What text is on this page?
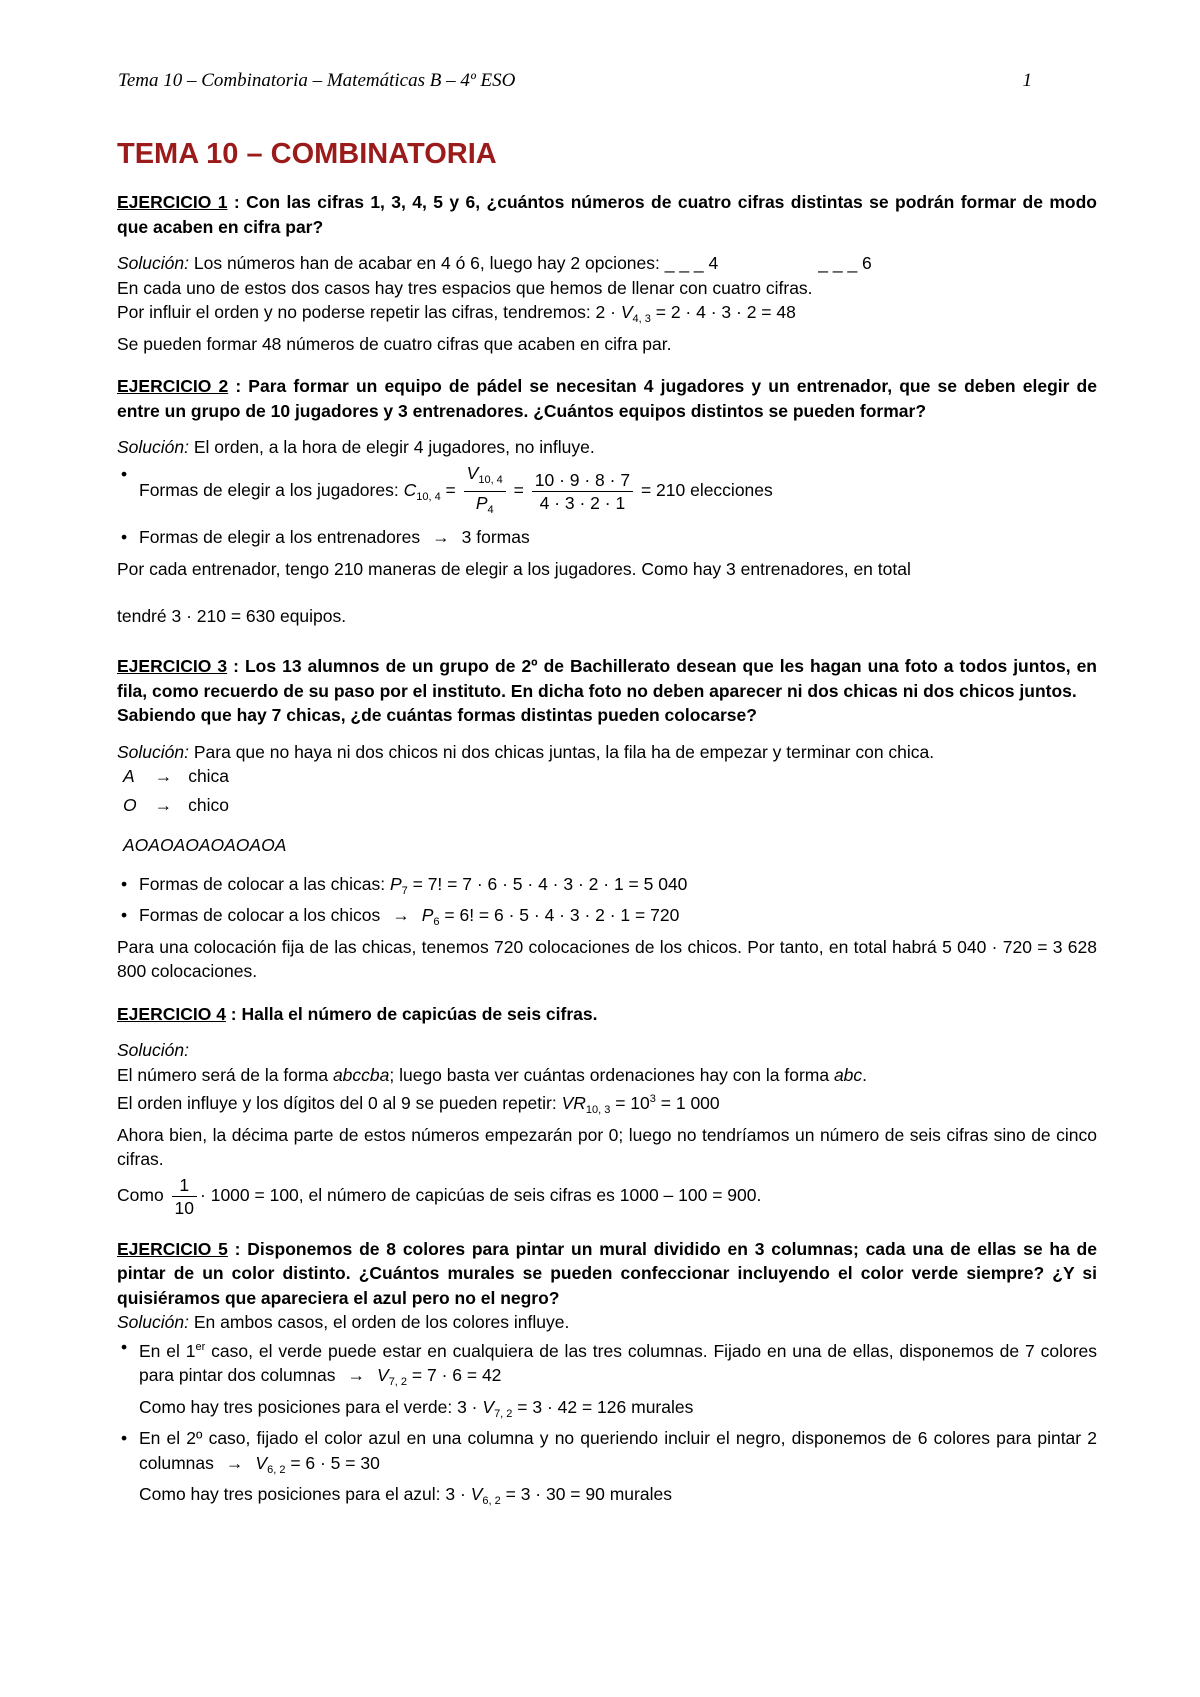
Tema 10 – Combinatoria – Matemáticas B – 4º ESO	1
TEMA 10 – COMBINATORIA

EJERCICIO 1 : Con las cifras 1, 3, 4, 5 y 6, ¿cuántos números de cuatro cifras distintas se podrán formar de modo que acaben en cifra par?

Solución: Los números han de acabar en 4 ó 6, luego hay 2 opciones: _ _ _ 4	_ _ _ 6

En cada uno de estos dos casos hay tres espacios que hemos de llenar con cuatro cifras.

Por influir el orden y no poderse repetir las cifras, tendremos: $2 \cdot V_{4, 3} = 2 \cdot 4 \cdot 3 \cdot 2 = 48$

Se pueden formar 48 números de cuatro cifras que acaben en cifra par.

EJERCICIO 2 : Para formar un equipo de pádel se necesitan 4 jugadores y un entrenador, que se deben elegir de entre un grupo de 10 jugadores y 3 entrenadores. ¿Cuántos equipos distintos se pueden formar?

Solución: El orden, a la hora de elegir 4 jugadores, no influye.

• Formas de elegir a los jugadores: $C_{10, 4} = \frac{V_{10, 4}}{P_4} = \frac{10 \cdot 9 \cdot 8 \cdot 7}{4 \cdot 3 \cdot 2 \cdot 1} = 210$ elecciones
• Formas de elegir a los entrenadores → 3 formas

Por cada entrenador, tengo 210 maneras de elegir a los jugadores. Como hay 3 entrenadores, en total

tendré 3 · 210 = 630 equipos.

EJERCICIO 3 : Los 13 alumnos de un grupo de 2º de Bachillerato desean que les hagan una foto a todos juntos, en fila, como recuerdo de su paso por el instituto. En dicha foto no deben aparecer ni dos chicas ni dos chicos juntos.

Sabiendo que hay 7 chicas, ¿de cuántas formas distintas pueden colocarse?

Solución: Para que no haya ni dos chicos ni dos chicas juntas, la fila ha de empezar y terminar con chica.

A → chica

O → chico

AOAOAOAOAOAOA

• Formas de colocar a las chicas: $P_7 = 7$! = 7 · 6 · 5 · 4 · 3 · 2 · 1 = 5 040
• Formas de colocar a los $chicos \to P_6 = 6$! = 6 · 5 · 4 · 3 · 2 · 1 = 720

Para una colocación fija de las chicas, tenemos 720 colocaciones de los chicos. Por tanto, en total habrá 5 040 · 720 = 3 628 800 colocaciones.

EJERCICIO 4 : Halla el número de capicúas de seis cifras.

Solución:

El número será de la forma abccba; luego basta ver cuántas ordenaciones hay con la forma abc.

El orden influye y los dígitos del 0 al 9 se pueden repetir: $VR_{10, 3} = 10^3 = 1$ 000

Ahora bien, la décima parte de estos números empezarán por 0; luego no tendríamos un número de seis cifras sino de cinco cifras.

Como $\frac{1}{10} \cdot 1000 = 100$, el número de capicúas de seis cifras es 1000 – 100 = 900.

EJERCICIO 5 : Disponemos de 8 colores para pintar un mural dividido en 3 columnas; cada una de ellas se ha de pintar de un color distinto. ¿Cuántos murales se pueden confeccionar incluyendo el color verde siempre? ¿Y si quisiéramos que apareciera el azul pero no el negro?

Solución: En ambos casos, el orden de los colores influye.

• En el 1er caso, el verde puede estar en cualquiera de las tres columnas. Fijado en una de ellas, disponemos de 7 colores para pintar dos columnas → $V_{7, 2} = 7 \cdot 6 = 42$

Como hay tres posiciones para el verde: $3 \cdot V_{7, 2} = 3 \cdot 42 = 126$ murales

• En el 2º caso, fijado el color azul en una columna y no queriendo incluir el negro, disponemos de 6 colores para pintar 2 columnas → $V_{6, 2} = 6 \cdot 5 = 30$

Como hay tres posiciones para el azul: $3 \cdot V_{6, 2} = 3 \cdot 30 = 90$ murales
